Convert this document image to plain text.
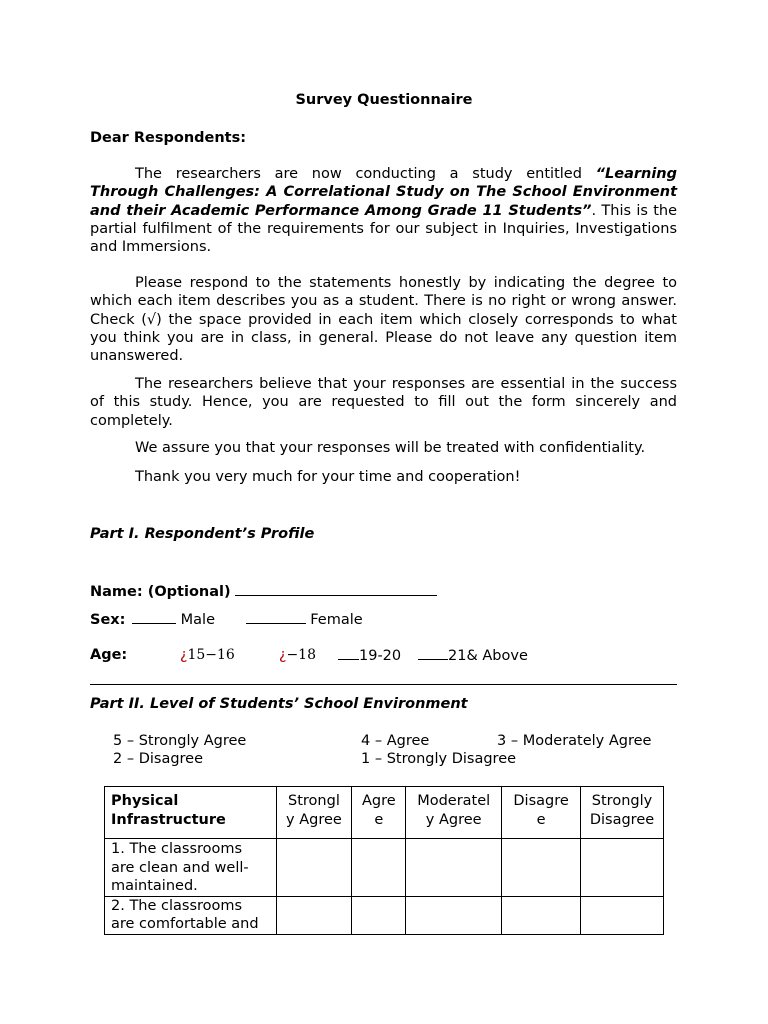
Survey Questionnaire
Dear Respondents:
The researchers are now conducting a study entitled “Learning Through Challenges: A Correlational Study on The School Environment and their Academic Performance Among Grade 11 Students”. This is the partial fulfilment of the requirements for our subject in Inquiries, Investigations and Immersions.
Please respond to the statements honestly by indicating the degree to which each item describes you as a student. There is no right or wrong answer. Check (√) the space provided in each item which closely corresponds to what you think you are in class, in general. Please do not leave any question item unanswered.
The researchers believe that your responses are essential in the success of this study. Hence, you are requested to fill out the form sincerely and completely.
We assure you that your responses will be treated with confidentiality.
Thank you very much for your time and cooperation!
Part I. Respondent’s Profile
Name: (Optional)
Sex:	Male	Female
Age:	¿15−16	¿−18	19-20	21& Above
Part II. Level of Students’ School Environment
5 – Strongly Agree	4 – Agree	3 – Moderately Agree
2 – Disagree	1 – Strongly Disagree
Physical Infrastructure	Strongl y Agree	Agre e	Moderatel y Agree	Disagre e	Strongly Disagree
1. The classrooms are clean and well-maintained.					
2. The classrooms are comfortable and					
